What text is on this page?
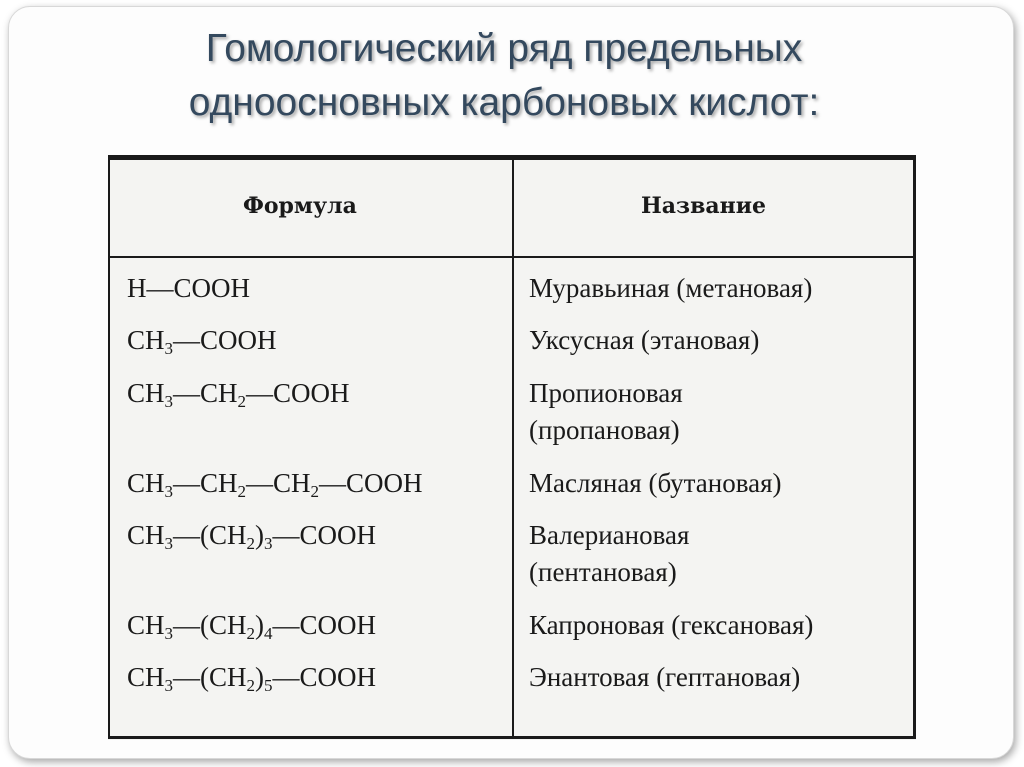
Гомологический ряд предельных
одноосновных карбоновых кислот:
Формула	Название
H—COOH	Муравьиная (метановая)
$CH_3—COOH$	Уксусная (этановая)
$CH_3—CH_2—COOH$	Пропионовая
(пропановая)
$CH_3—CH_2—CH_2—COOH$	Масляная (бутановая)
$CH_3—(CH_2)_3—COOH$	Валериановая
(пентановая)
$CH_3—(CH_2)_4—COOH$	Капроновая (гексановая)
$CH_3—(CH_2)_5—COOH$	Энантовая (гептановая)
